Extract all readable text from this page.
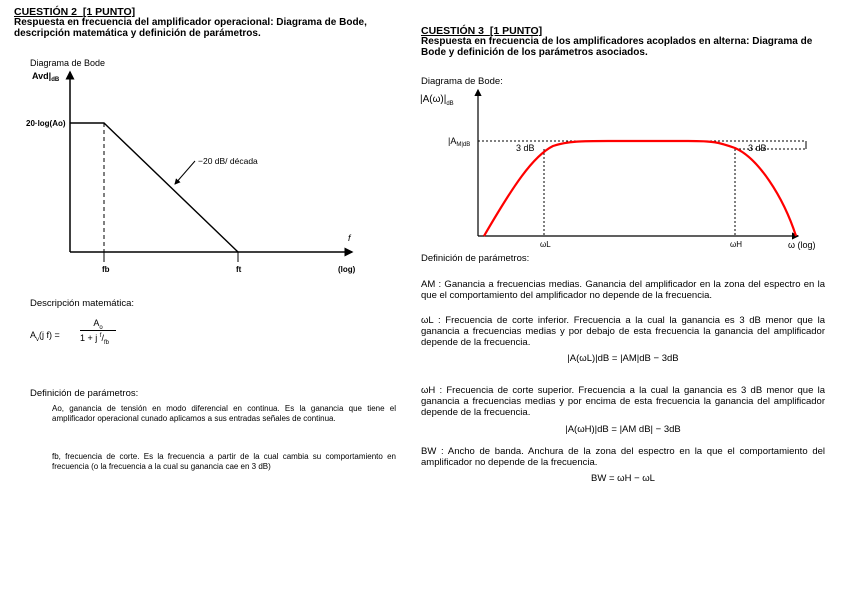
CUESTIÓN 2 [1 PUNTO]
Respuesta en frecuencia del amplificador operacional: Diagrama de Bode, descripción matemática y definición de parámetros.
Diagrama de Bode
−20 dB/ década
$Avd|_{dB}$
20·log(Ao)
f
fb	ft	(log)
Descripción matemática:
$A_v(j$ f) =
$A_o$
1 + j $^f/_{fb}$
Definición de parámetros:
Ao, ganancia de tensión en modo diferencial en continua. Es la ganancia que tiene el amplificador operacional cunado aplicamos a sus entradas señales de continua.
fb, frecuencia de corte. Es la frecuencia a partir de la cual cambia su comportamiento en frecuencia (o la frecuencia a la cual su ganancia cae en 3 dB)
CUESTIÓN 3 [1 PUNTO]
Respuesta en frecuencia de los amplificadores acoplados en alterna: Diagrama de Bode y definición de los parámetros asociados.
Diagrama de Bode:
$|A(\omega)|_{dB}$
$|A_M|dB$	3 dB	3 dB
ωL	ωH	ω (log)
Definición de parámetros:
AM : Ganancia a frecuencias medias. Ganancia del amplificador en la zona del espectro en la que el comportamiento del amplificador no depende de la frecuencia.
ωL : Frecuencia de corte inferior. Frecuencia a la cual la ganancia es 3 dB menor que la ganancia a frecuencias medias y por debajo de esta frecuencia la ganancia del amplificador depende de la frecuencia.
|A(ωL)|dB = |AM|dB − 3dB
ωH : Frecuencia de corte superior. Frecuencia a la cual la ganancia es 3 dB menor que la ganancia a frecuencias medias y por encima de esta frecuencia la ganancia del amplificador depende de la frecuencia.
|A(ωH)|dB = |AM dB| − 3dB
BW : Ancho de banda. Anchura de la zona del espectro en la que el comportamiento del amplificador no depende de la frecuencia.
BW = ωH − ωL
